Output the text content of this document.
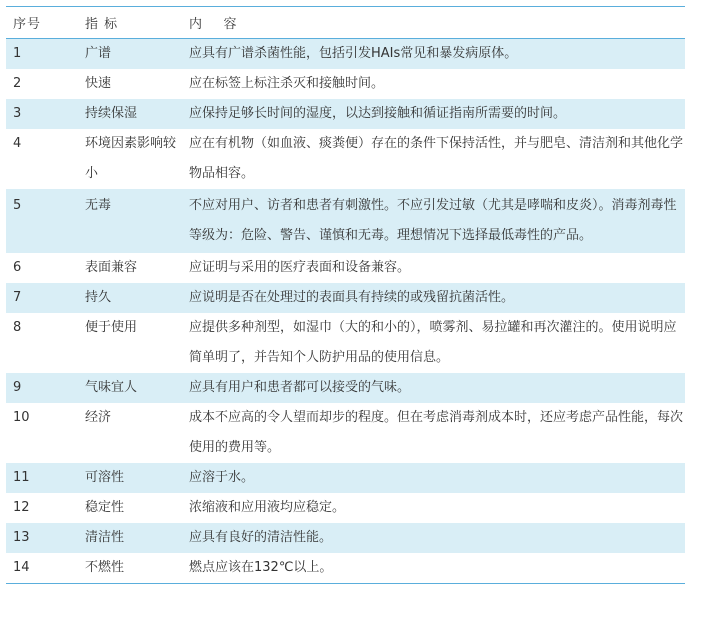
序号	指 标	内    容
1	广谱	应具有广谱杀菌性能，包括引发HAIs常见和暴发病原体。
2	快速	应在标签上标注杀灭和接触时间。
3	持续保湿	应保持足够长时间的湿度，以达到接触和循证指南所需要的时间。
4	环境因素影响较小	应在有机物（如血液、痰粪便）存在的条件下保持活性，并与肥皂、清洁剂和其他化学物品相容。
5	无毒	不应对用户、访者和患者有刺激性。不应引发过敏（尤其是哮喘和皮炎）。消毒剂毒性等级为：危险、警告、谨慎和无毒。理想情况下选择最低毒性的产品。
6	表面兼容	应证明与采用的医疗表面和设备兼容。
7	持久	应说明是否在处理过的表面具有持续的或残留抗菌活性。
8	便于使用	应提供多种剂型，如湿巾（大的和小的），喷雾剂、易拉罐和再次灌注的。使用说明应简单明了，并告知个人防护用品的使用信息。
9	气味宜人	应具有用户和患者都可以接受的气味。
10	经济	成本不应高的令人望而却步的程度。但在考虑消毒剂成本时，还应考虑产品性能，每次使用的费用等。
11	可溶性	应溶于水。
12	稳定性	浓缩液和应用液均应稳定。
13	清洁性	应具有良好的清洁性能。
14	不燃性	燃点应该在132℃以上。
